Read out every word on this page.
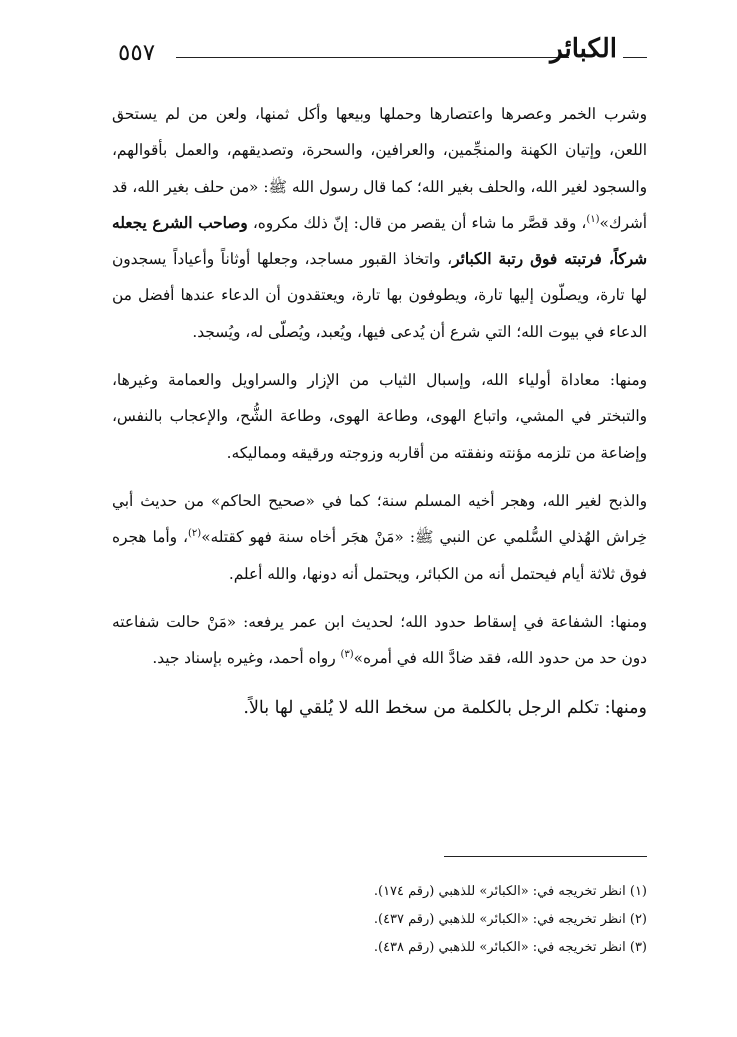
٥٥٧	الكبائر

وشرب الخمر وعصرها واعتصارها وحملها وبيعها وأكل ثمنها، ولعن من لم يستحق اللعن، وإتيان الكهنة والمنجِّمين، والعرافين، والسحرة، وتصديقهم، والعمل بأقوالهم، والسجود لغير الله، والحلف بغير الله؛ كما قال رسول الله ﷺ: «من حلف بغير الله، قد أشرك»$^{(١)}$، وقد قصَّر ما شاء أن يقصر من قال: إنّ ذلك مكروه، وصاحب الشرع يجعله شركاً، فرتبته فوق رتبة الكبائر، واتخاذ القبور مساجد، وجعلها أوثاناً وأعياداً يسجدون لها تارة، ويصلّون إليها تارة، ويطوفون بها تارة، ويعتقدون أن الدعاء عندها أفضل من الدعاء في بيوت الله؛ التي شرع أن يُدعى فيها، ويُعبد، ويُصلّى له، ويُسجد.

ومنها: معاداة أولياء الله، وإسبال الثياب من الإزار والسراويل والعمامة وغيرها، والتبختر في المشي، واتباع الهوى، وطاعة الهوى، وطاعة الشُّح، والإعجاب بالنفس، وإضاعة من تلزمه مؤنته ونفقته من أقاربه وزوجته ورقيقه ومماليكه.

والذبح لغير الله، وهجر أخيه المسلم سنة؛ كما في «صحيح الحاكم» من حديث أبي خِراش الهُذلي السُّلمي عن النبي ﷺ: «مَنْ هجَر أخاه سنة فهو كقتله»$^{(٢)}$، وأما هجره فوق ثلاثة أيام فيحتمل أنه من الكبائر، ويحتمل أنه دونها، والله أعلم.

ومنها: الشفاعة في إسقاط حدود الله؛ لحديث ابن عمر يرفعه: «مَنْ حالت شفاعته دون حد من حدود الله، فقد ضادَّ الله في أمره»$^{(٣)}$ رواه أحمد، وغيره بإسناد جيد.

ومنها: تكلم الرجل بالكلمة من سخط الله لا يُلقي لها بالاً.

(١) انظر تخريجه في: «الكبائر» للذهبي (رقم ١٧٤).

(٢) انظر تخريجه في: «الكبائر» للذهبي (رقم ٤٣٧).

(٣) انظر تخريجه في: «الكبائر» للذهبي (رقم ٤٣٨).
